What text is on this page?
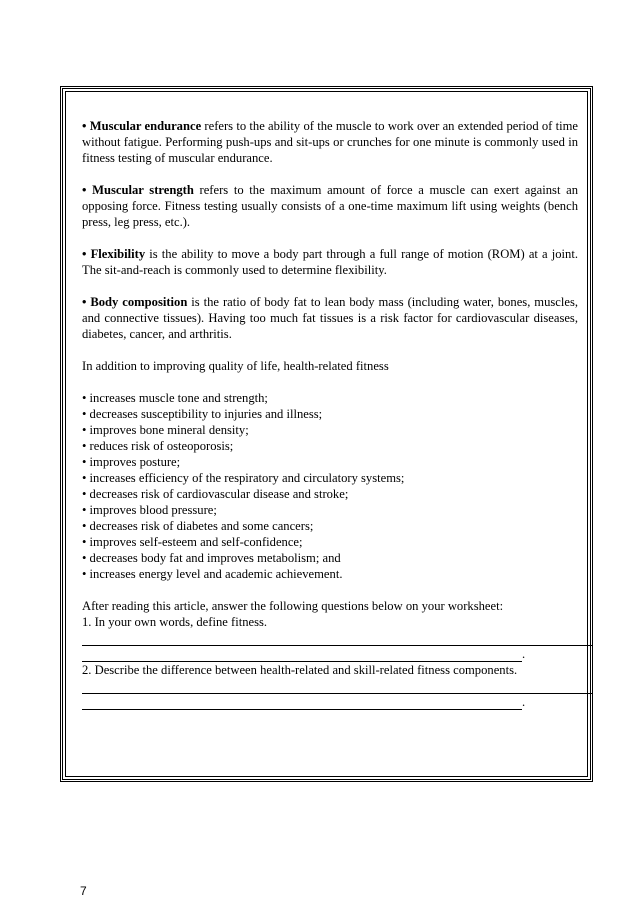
• Muscular endurance refers to the ability of the muscle to work over an extended period of time without fatigue. Performing push-ups and sit-ups or crunches for one minute is commonly used in fitness testing of muscular endurance.

• Muscular strength refers to the maximum amount of force a muscle can exert against an opposing force. Fitness testing usually consists of a one-time maximum lift using weights (bench press, leg press, etc.).

• Flexibility is the ability to move a body part through a full range of motion (ROM) at a joint. The sit-and-reach is commonly used to determine flexibility.

• Body composition is the ratio of body fat to lean body mass (including water, bones, muscles, and connective tissues). Having too much fat tissues is a risk factor for cardiovascular diseases, diabetes, cancer, and arthritis.

In addition to improving quality of life, health-related fitness

• increases muscle tone and strength;
• decreases susceptibility to injuries and illness;
• improves bone mineral density;
• reduces risk of osteoporosis;
• improves posture;
• increases efficiency of the respiratory and circulatory systems;
• decreases risk of cardiovascular disease and stroke;
• improves blood pressure;
• decreases risk of diabetes and some cancers;
• improves self-esteem and self-confidence;
• decreases body fat and improves metabolism; and
• increases energy level and academic achievement.

After reading this article, answer the following questions below on your worksheet:

1. In your own words, define fitness.

.

2. Describe the difference between health-related and skill-related fitness components.

.
7
